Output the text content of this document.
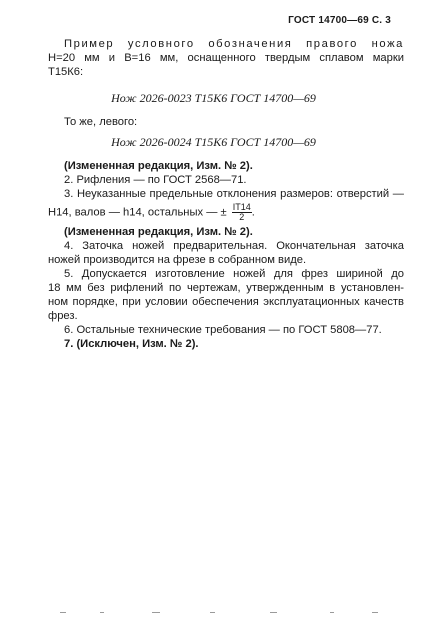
ГОСТ 14700—69 С. 3

Пример условного обозначения правого ножа

H=20 мм и B=16 мм, оснащенного твердым сплавом марки

Т15К6:

Нож 2026-0023 Т15К6 ГОСТ 14700—69

То же, левого:

Нож 2026-0024 Т15К6 ГОСТ 14700—69

(Измененная редакция, Изм. № 2).

2. Рифления — по ГОСТ 2568—71.

3. Неуказанные предельные отклонения размеров: отверстий —

H14, валов — h14, остальных — ± $\frac{IT14}{2}$ .

(Измененная редакция, Изм. № 2).

4. Заточка ножей предварительная. Окончательная заточка

ножей производится на фрезе в собранном виде.

5. Допускается изготовление ножей для фрез шириной до

18 мм без рифлений по чертежам, утвержденным в установлен-

ном порядке, при условии обеспечения эксплуатационных качеств

фрез.

6. Остальные технические требования — по ГОСТ 5808—77.

7. (Исключен, Изм. № 2).
